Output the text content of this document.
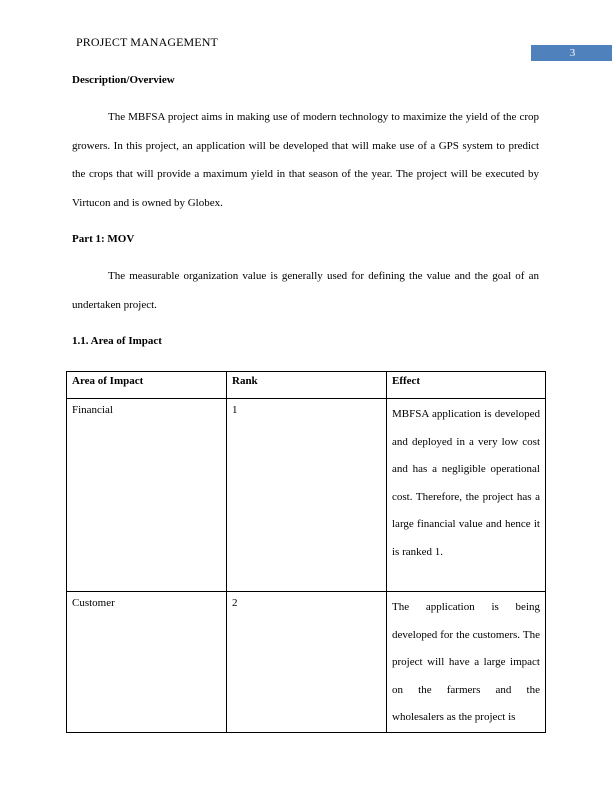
PROJECT MANAGEMENT
3

Description/Overview

The MBFSA project aims in making use of modern technology to maximize the yield of the crop growers. In this project, an application will be developed that will make use of a GPS system to predict the crops that will provide a maximum yield in that season of the year. The project will be executed by Virtucon and is owned by Globex.

Part 1: MOV

The measurable organization value is generally used for defining the value and the goal of an undertaken project.

1.1. Area of Impact

Area of Impact	Rank	Effect

Financial	1	MBFSA application is developed and deployed in a very low cost and has a negligible operational cost. Therefore, the project has a large financial value and hence it is ranked 1.

Customer	2	The application is being developed for the customers. The project will have a large impact on the farmers and the wholesalers as the project is
